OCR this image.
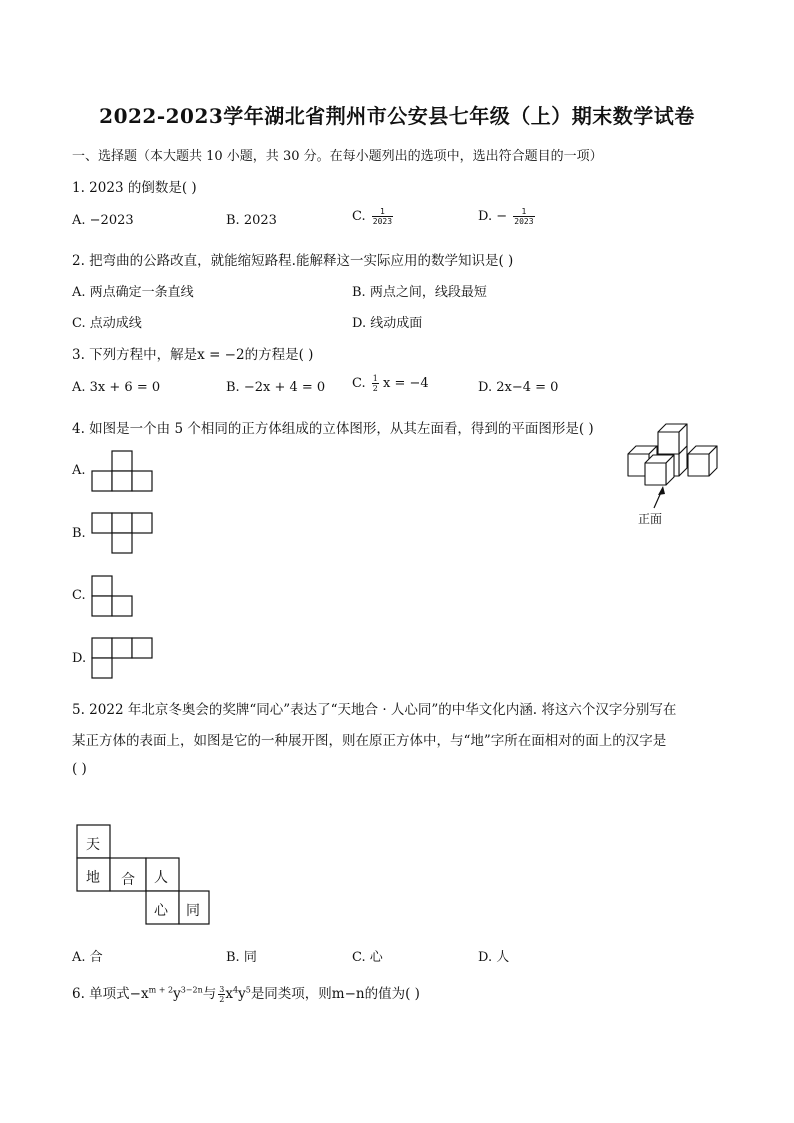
2022-2023学年湖北省荆州市公安县七年级（上）期末数学试卷
一、选择题（本大题共 10 小题，共 30 分。在每小题列出的选项中，选出符合题目的一项）
1. 2023 的倒数是( )
A. −2023	B. 2023	C. $\frac{1}{2023}$	D. − $\frac{1}{2023}$
2. 把弯曲的公路改直，就能缩短路程.能解释这一实际应用的数学知识是( )
A. 两点确定一条直线	B. 两点之间，线段最短
C. 点动成线	D. 线动成面
3. 下列方程中，解是x = −2的方程是( )
A. 3x + 6 = 0	B. −2x + 4 = 0 C. $\frac{1}{2}$ x = −4	D. 2x−4 = 0
4. 如图是一个由 5 个相同的正方体组成的立体图形，从其左面看，得到的平面图形是( )
正面
A.
B.
C.
D.
5. 2022 年北京冬奥会的奖牌“同心”表达了“天地合 · 人心同”的中华文化内涵. 将这六个汉字分别写在
某正方体的表面上，如图是它的一种展开图，则在原正方体中，与“地”字所在面相对的面上的汉字是
( )
天
地 合 人
心 同
A. 合	B. 同	C. 心	D. 人
6. 单项式$-x^{m + 2}y^{3-2n}$与 $\frac{3}{2} x^4y^5$是同类项，则m−n的值为( )
